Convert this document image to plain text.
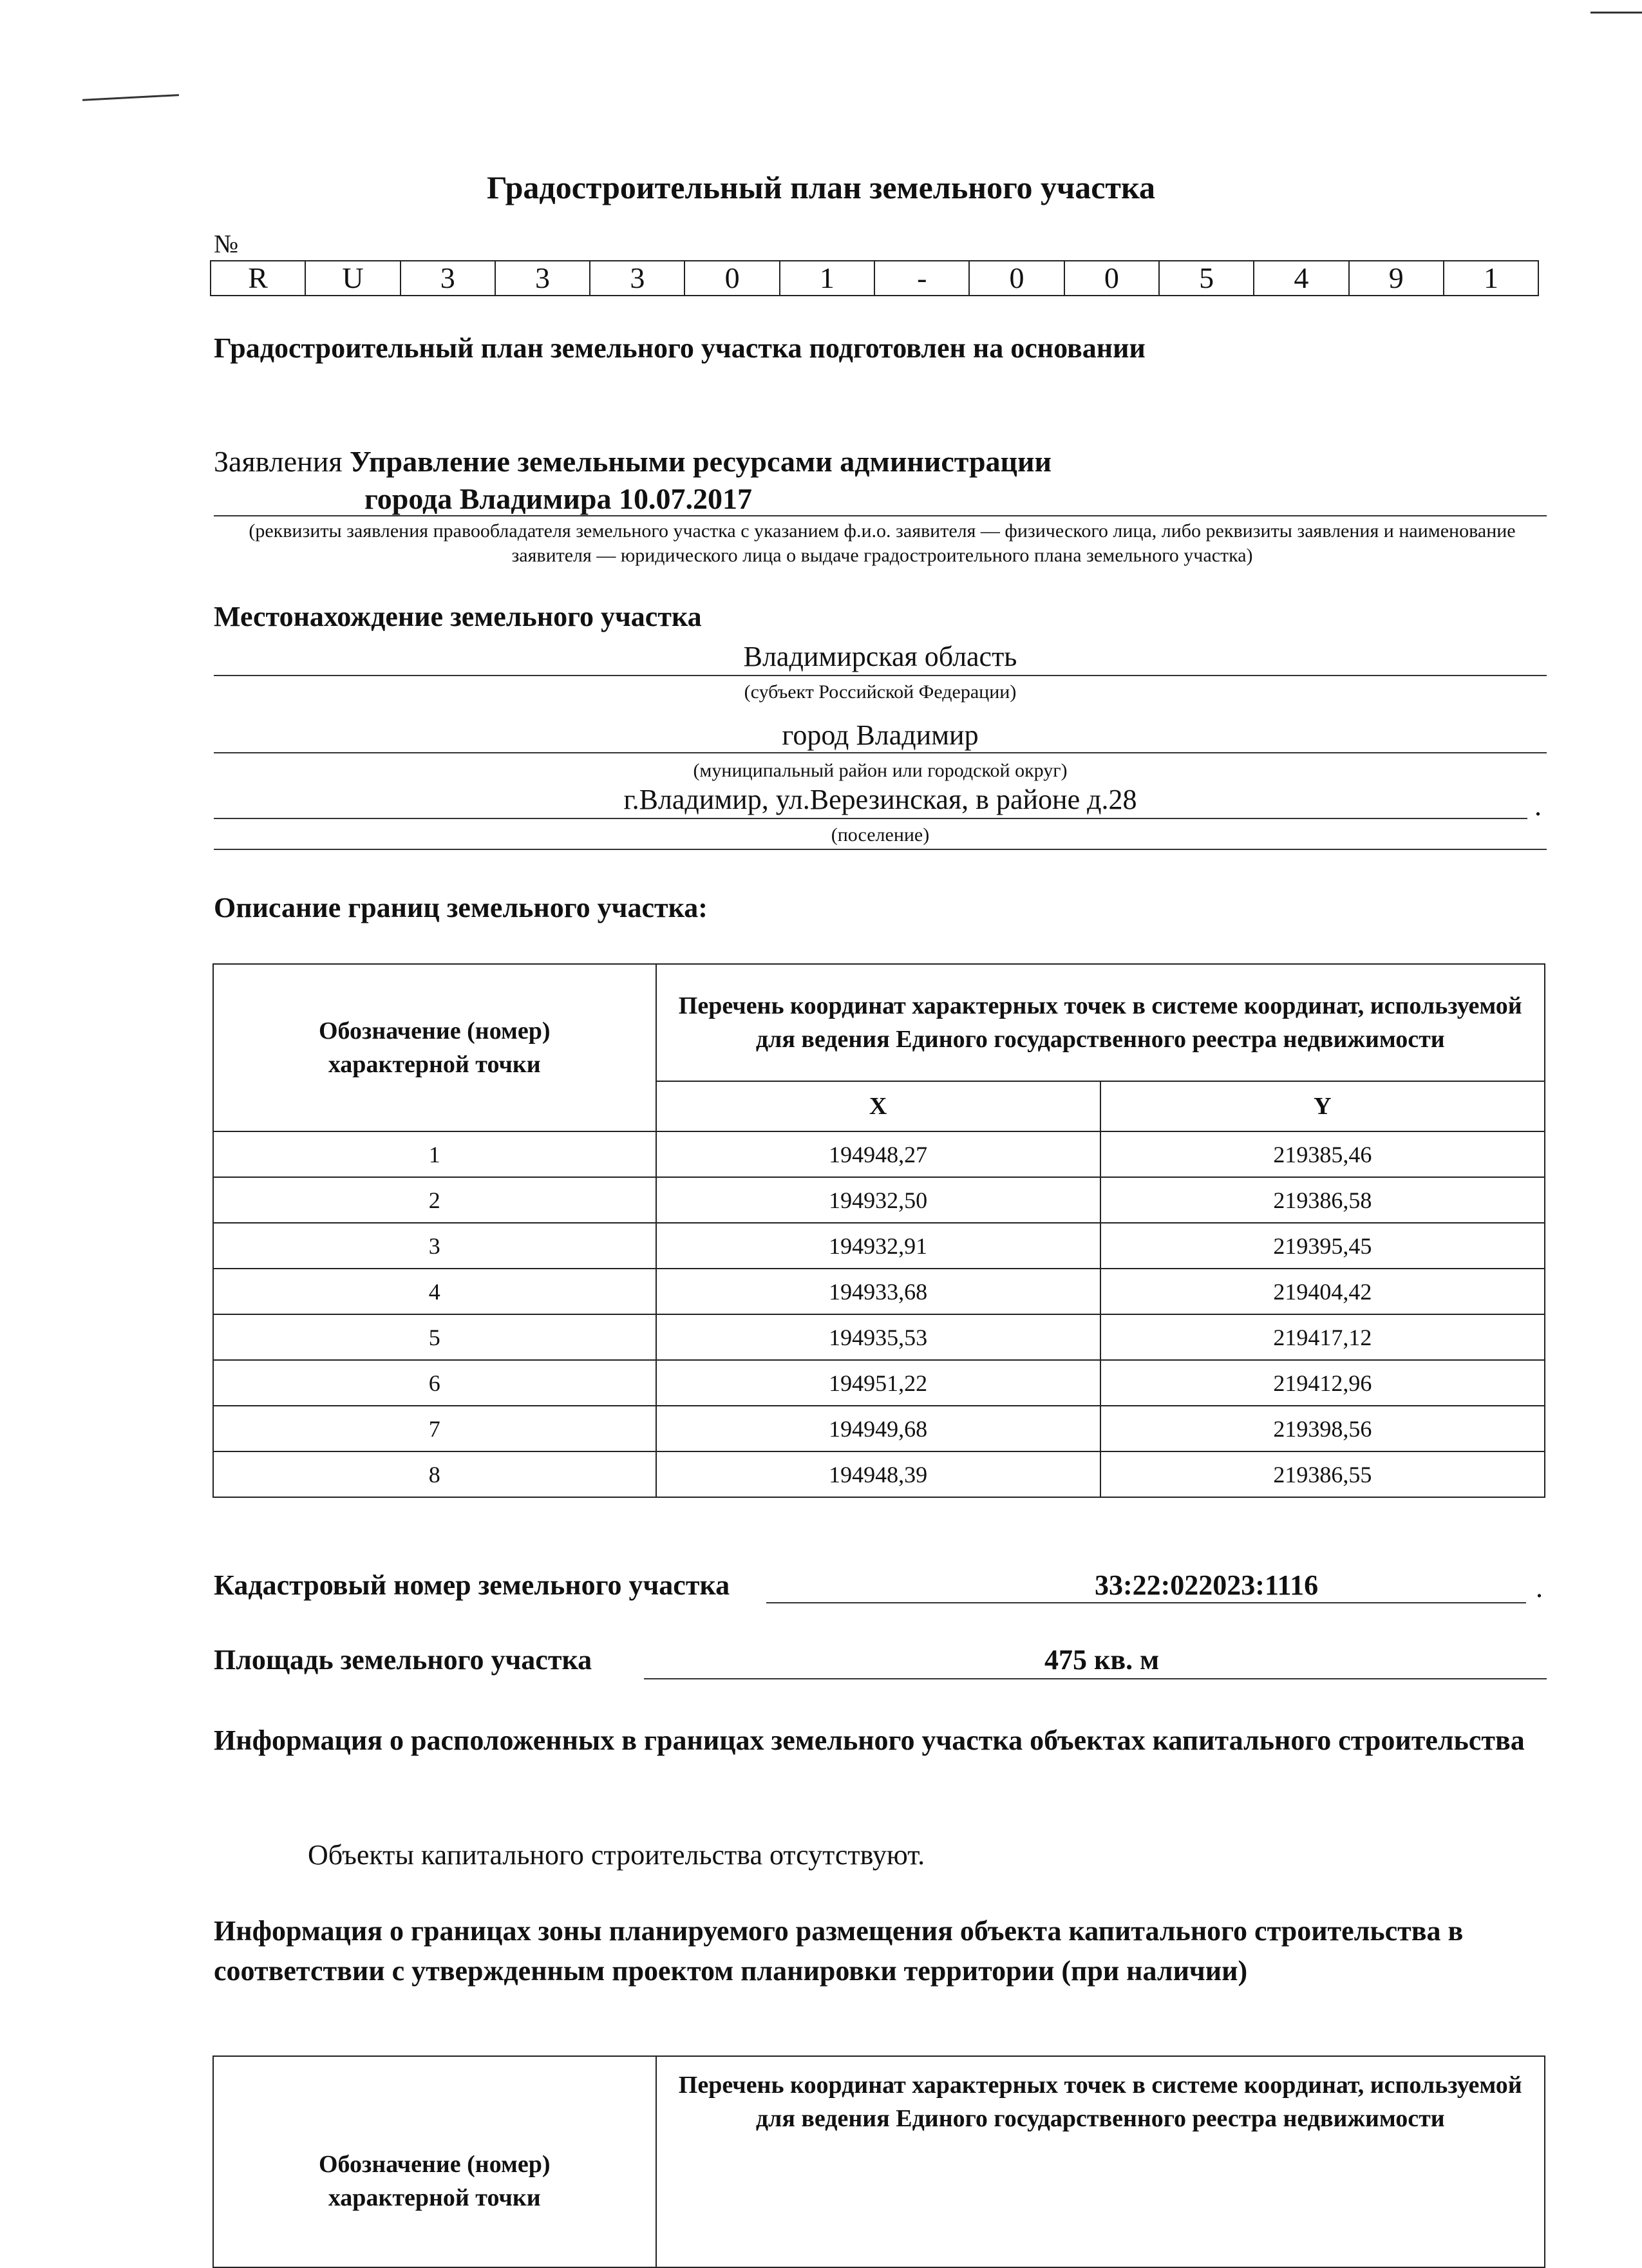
Градостроительный план земельного участка
№
R	U	3	3	3	0	1	-	0	0	5	4	9	1
Градостроительный план земельного участка подготовлен на основании
Заявления Управление земельными ресурсами администрации
города Владимира 10.07.2017
(реквизиты заявления правообладателя земельного участка с указанием ф.и.о. заявителя — физического лица, либо реквизиты заявления и наименование заявителя — юридического лица о выдаче градостроительного плана земельного участка)
Местонахождение земельного участка
Владимирская область
(субъект Российской Федерации)
город Владимир
(муниципальный район или городской округ)
г.Владимир, ул.Верезинская, в районе д.28	.
(поселение)
Описание границ земельного участка:
Обозначение (номер) характерной точки	Перечень координат характерных точек в системе координат, используемой для ведения Единого государственного реестра недвижимости	
	X	Y
1	194948,27	219385,46
2	194932,50	219386,58
3	194932,91	219395,45
4	194933,68	219404,42
5	194935,53	219417,12
6	194951,22	219412,96
7	194949,68	219398,56
8	194948,39	219386,55
Кадастровый номер земельного участка	33:22:022023:1116	.
Площадь земельного участка	475 кв. м
Информация о расположенных в границах земельного участка объектах капитального строительства
Объекты капитального строительства отсутствуют.
Информация о границах зоны планируемого размещения объекта капитального строительства в соответствии с утвержденным проектом планировки территории (при наличии)
Обозначение (номер) характерной точки	Перечень координат характерных точек в системе координат, используемой для ведения Единого государственного реестра недвижимости
